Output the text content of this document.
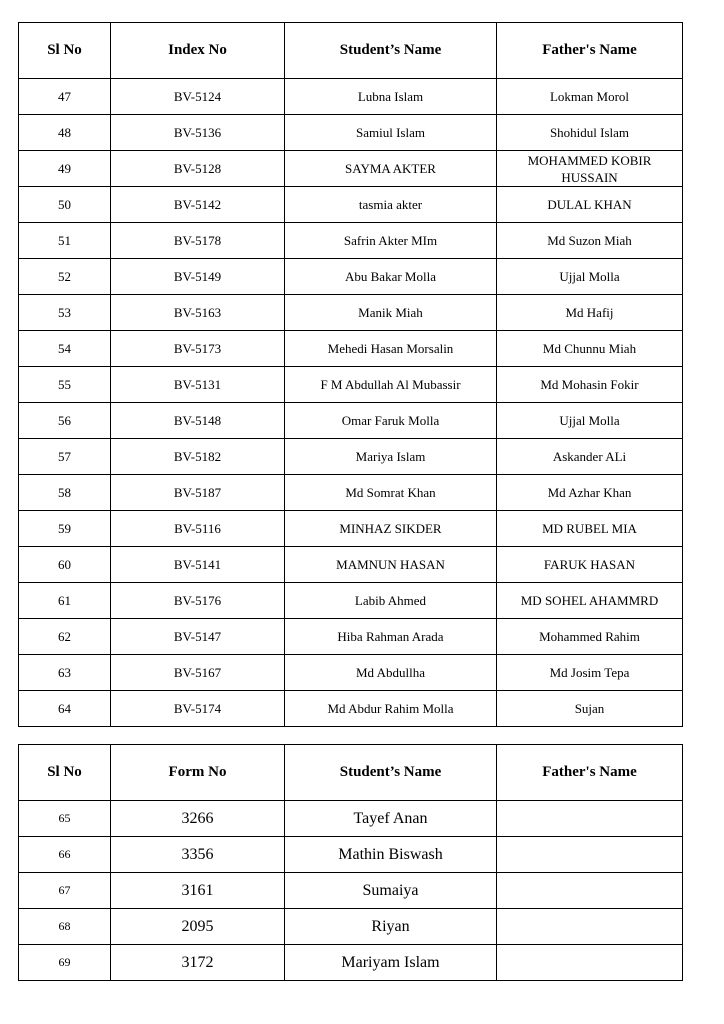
Sl No	Index No	Student’s Name	Father's Name
47	BV-5124	Lubna Islam	Lokman Morol
48	BV-5136	Samiul Islam	Shohidul Islam
49	BV-5128	SAYMA AKTER	MOHAMMED KOBIR HUSSAIN
50	BV-5142	tasmia akter	DULAL KHAN
51	BV-5178	Safrin Akter MIm	Md Suzon Miah
52	BV-5149	Abu Bakar Molla	Ujjal Molla
53	BV-5163	Manik Miah	Md Hafij
54	BV-5173	Mehedi Hasan Morsalin	Md Chunnu Miah
55	BV-5131	F M Abdullah Al Mubassir	Md Mohasin Fokir
56	BV-5148	Omar Faruk Molla	Ujjal Molla
57	BV-5182	Mariya Islam	Askander ALi
58	BV-5187	Md Somrat Khan	Md Azhar Khan
59	BV-5116	MINHAZ SIKDER	MD RUBEL MIA
60	BV-5141	MAMNUN HASAN	FARUK HASAN
61	BV-5176	Labib Ahmed	MD SOHEL AHAMMRD
62	BV-5147	Hiba Rahman Arada	Mohammed Rahim
63	BV-5167	Md Abdullha	Md Josim Tepa
64	BV-5174	Md Abdur Rahim Molla	Sujan
Sl No	Form No	Student’s Name	Father's Name
65	3266	Tayef Anan	
66	3356	Mathin Biswash	
67	3161	Sumaiya	
68	2095	Riyan	
69	3172	Mariyam Islam	
